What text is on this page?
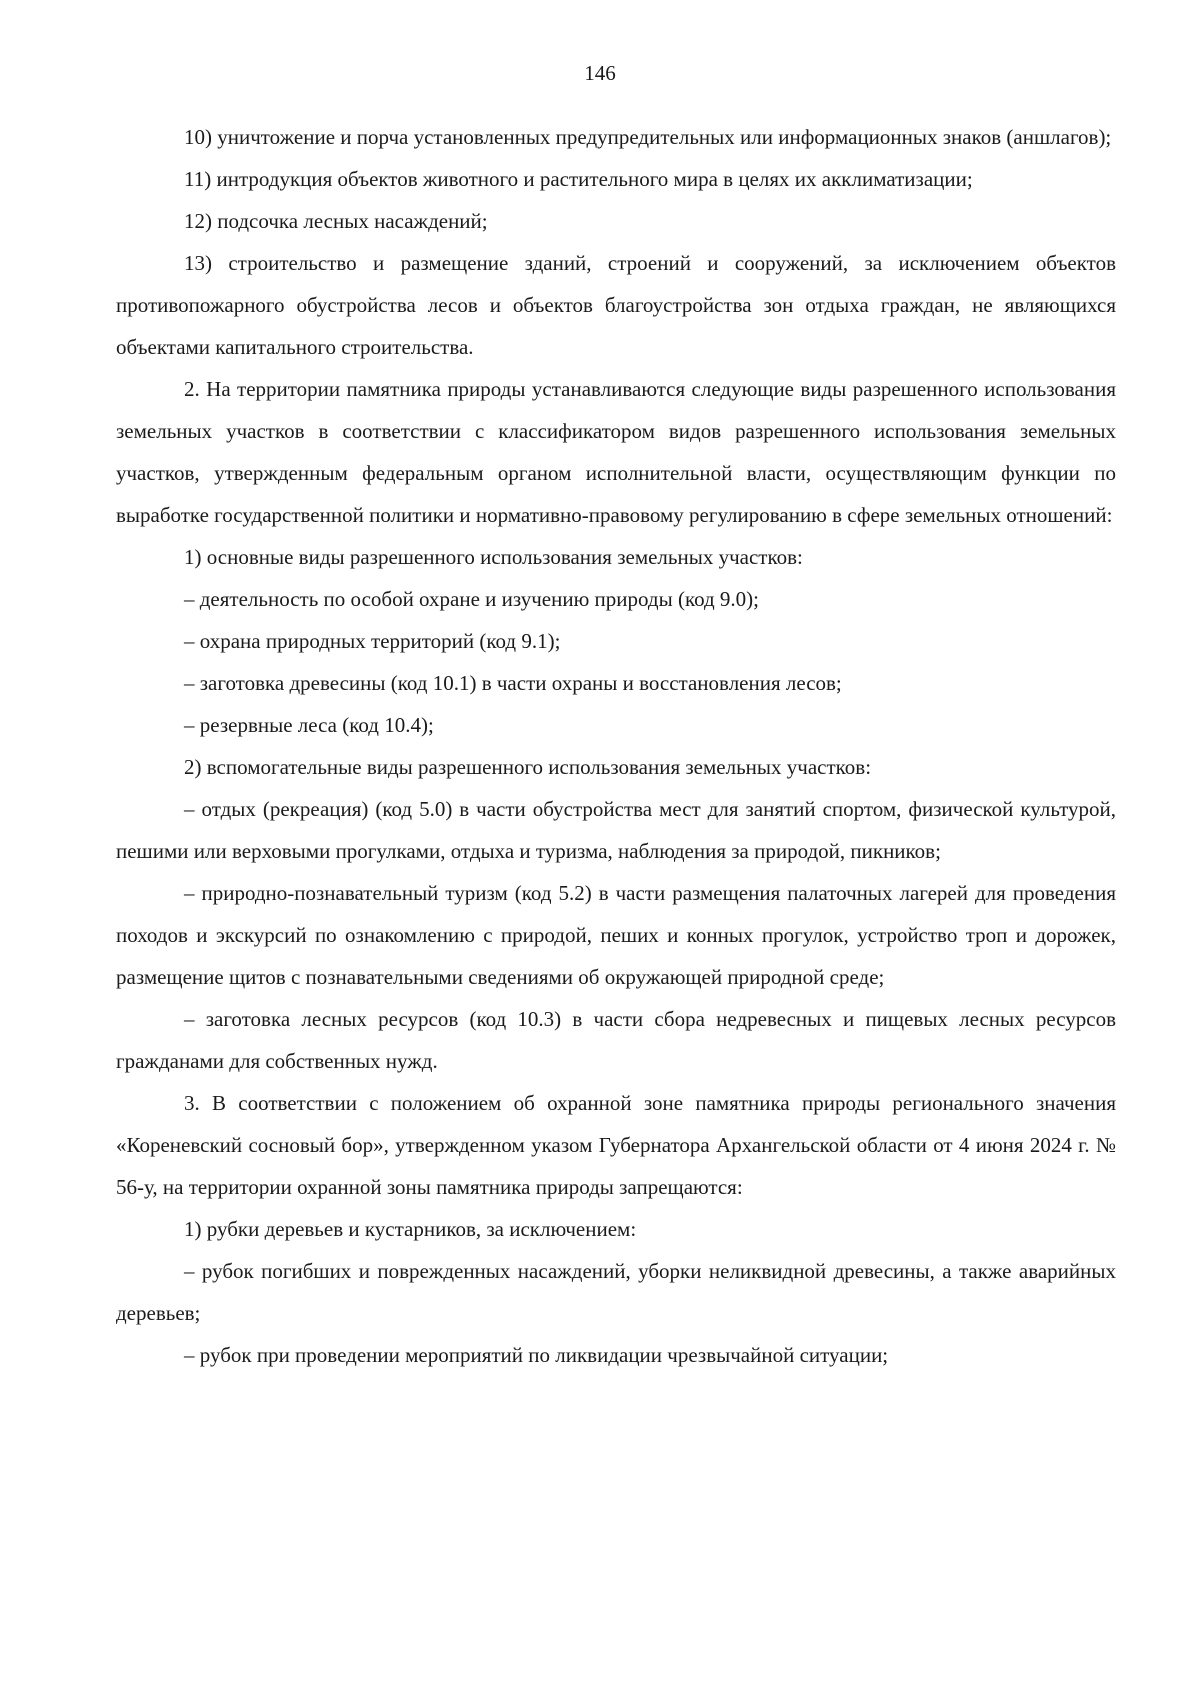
146

10) уничтожение и порча установленных предупредительных или информационных знаков (аншлагов);

11) интродукция объектов животного и растительного мира в целях их акклиматизации;

12) подсочка лесных насаждений;

13) строительство и размещение зданий, строений и сооружений, за исключением объектов противопожарного обустройства лесов и объектов благоустройства зон отдыха граждан, не являющихся объектами капитального строительства.

2. На территории памятника природы устанавливаются следующие виды разрешенного использования земельных участков в соответствии с классификатором видов разрешенного использования земельных участков, утвержденным федеральным органом исполнительной власти, осуществляющим функции по выработке государственной политики и нормативно-правовому регулированию в сфере земельных отношений:

1) основные виды разрешенного использования земельных участков:

– деятельность по особой охране и изучению природы (код 9.0);

– охрана природных территорий (код 9.1);

– заготовка древесины (код 10.1) в части охраны и восстановления лесов;

– резервные леса (код 10.4);

2) вспомогательные виды разрешенного использования земельных участков:

– отдых (рекреация) (код 5.0) в части обустройства мест для занятий спортом, физической культурой, пешими или верховыми прогулками, отдыха и туризма, наблюдения за природой, пикников;

– природно-познавательный туризм (код 5.2) в части размещения палаточных лагерей для проведения походов и экскурсий по ознакомлению с природой, пеших и конных прогулок, устройство троп и дорожек, размещение щитов с познавательными сведениями об окружающей природной среде;

– заготовка лесных ресурсов (код 10.3) в части сбора недревесных и пищевых лесных ресурсов гражданами для собственных нужд.

3. В соответствии с положением об охранной зоне памятника природы регионального значения «Кореневский сосновый бор», утвержденном указом Губернатора Архангельской области от 4 июня 2024 г. № 56-у, на территории охранной зоны памятника природы запрещаются:

1) рубки деревьев и кустарников, за исключением:

– рубок погибших и поврежденных насаждений, уборки неликвидной древесины, а также аварийных деревьев;

– рубок при проведении мероприятий по ликвидации чрезвычайной ситуации;
